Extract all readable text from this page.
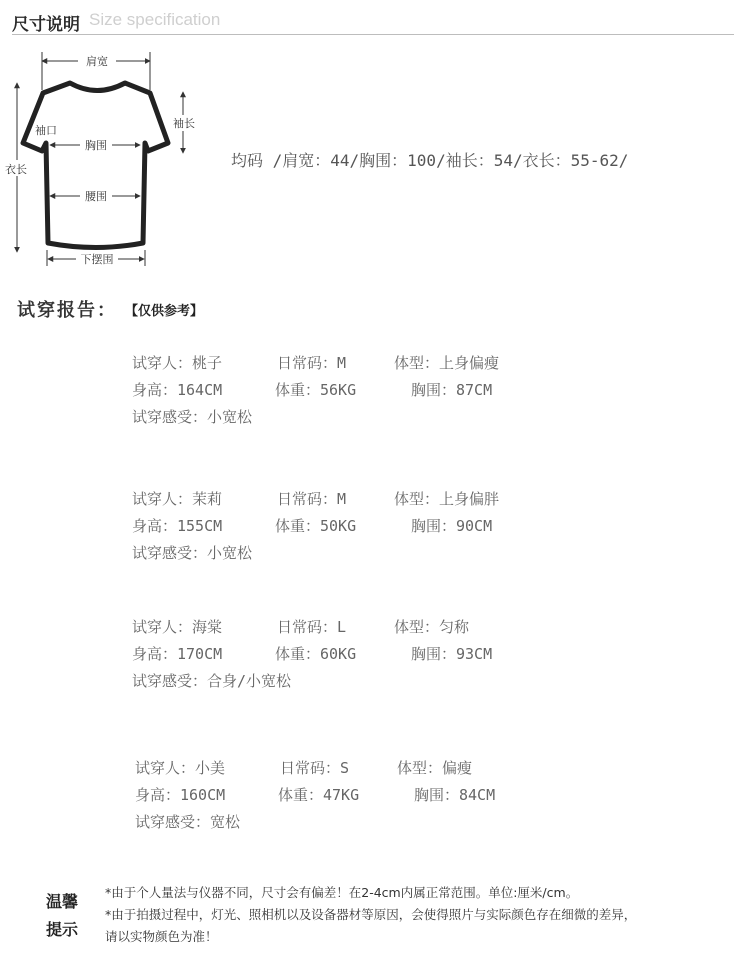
尺寸说明 Size specification
肩宽
袖长
袖口
衣长
胸围
腰围
下摆围
均码 /肩宽：44/胸围：100/袖长：54/衣长：55-62/
试穿报告： 【仅供参考】
试穿人：桃子	日常码：M	体型：上身偏瘦
身高：164CM	体重：56KG	胸围：87CM
试穿感受：小宽松
试穿人：茉莉	日常码：M	体型：上身偏胖
身高：155CM	体重：50KG	胸围：90CM
试穿感受：小宽松
试穿人：海棠	日常码：L	体型：匀称
身高：170CM	体重：60KG	胸围：93CM
试穿感受：合身/小宽松
试穿人：小美	日常码：S	体型：偏瘦
身高：160CM	体重：47KG	胸围：84CM
试穿感受：宽松
温馨
提示
*由于个人量法与仪器不同，尺寸会有偏差！在2-4cm内属正常范围。单位:厘米/cm。
*由于拍摄过程中，灯光、照相机以及设备器材等原因，会使得照片与实际颜色存在细微的差异，
请以实物颜色为准！
